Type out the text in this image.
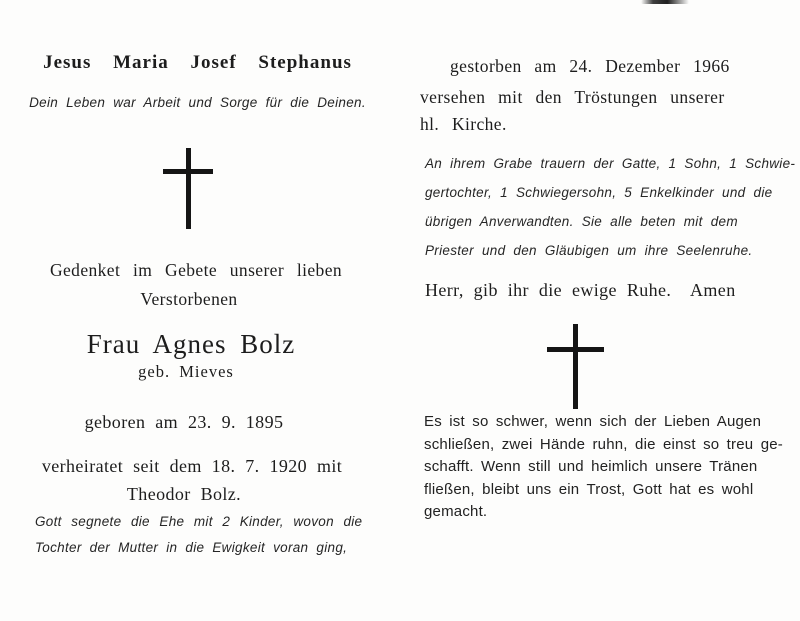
Jesus Maria Josef Stephanus
Dein Leben war Arbeit und Sorge für die Deinen.
Gedenket im Gebete unserer lieben
Verstorbenen
Frau Agnes Bolz
geb. Mieves
geboren am 23. 9. 1895
verheiratet seit dem 18. 7. 1920 mit
Theodor Bolz.
Gott segnete die Ehe mit 2 Kinder, wovon die
Tochter der Mutter in die Ewigkeit voran ging,
gestorben am 24. Dezember 1966
versehen mit den Tröstungen unserer
hl. Kirche.
An ihrem Grabe trauern der Gatte, 1 Sohn, 1 Schwie-
gertochter, 1 Schwiegersohn, 5 Enkelkinder und die
übrigen Anverwandten. Sie alle beten mit dem
Priester und den Gläubigen um ihre Seelenruhe.
Herr, gib ihr die ewige Ruhe. Amen
Es ist so schwer, wenn sich der Lieben Augen
schließen, zwei Hände ruhn, die einst so treu ge-
schafft. Wenn still und heimlich unsere Tränen
fließen, bleibt uns ein Trost, Gott hat es wohl
gemacht.
